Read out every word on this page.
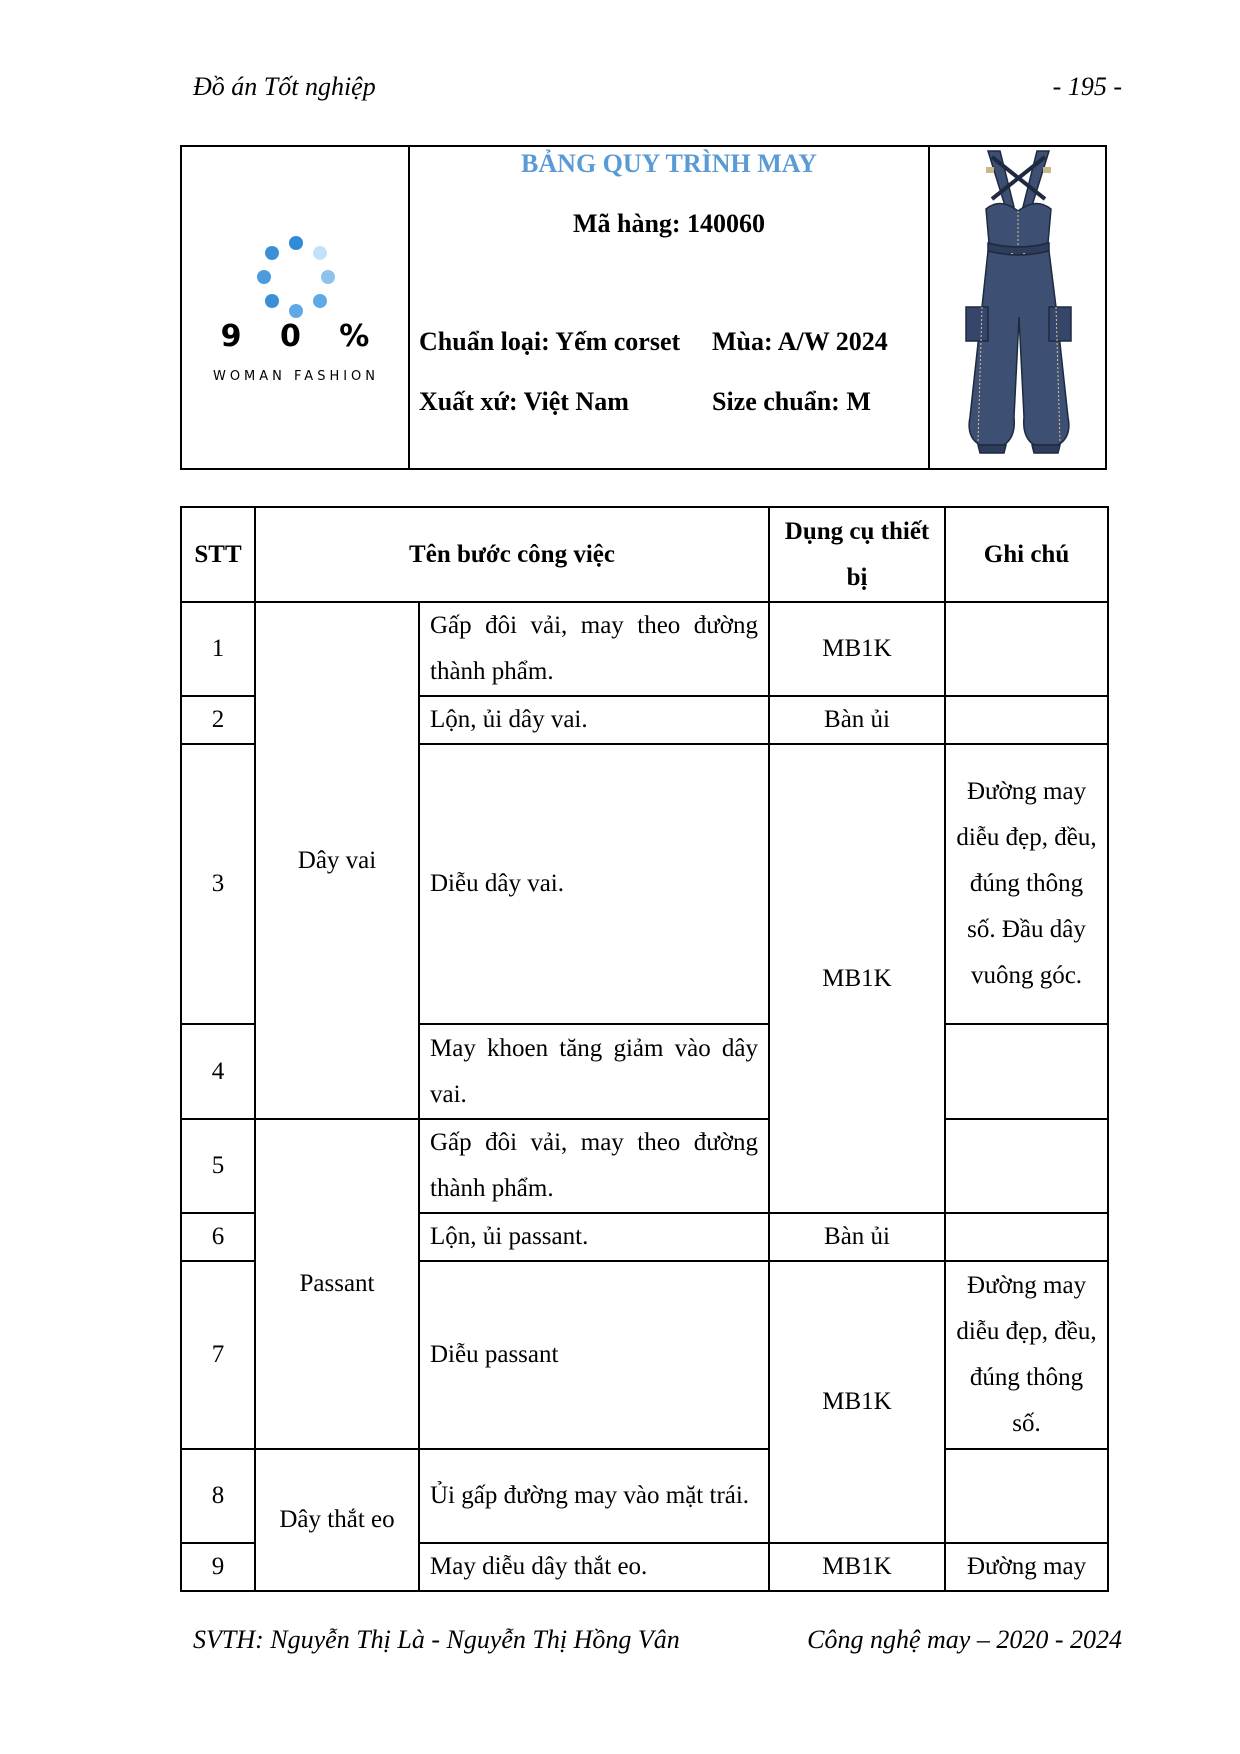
Đồ án Tốt nghiệp	- 195 -
9 0 %
WOMAN FASHION
BẢNG QUY TRÌNH MAY
Mã hàng: 140060
Chuẩn loại: Yếm corset Mùa: A/W 2024
Xuất xứ: Việt Nam	Size chuẩn: M
STT	Tên bước công việc		Dụng cụ thiết bị	Ghi chú
1	Dây vai	Gấp đôi vải, may theo đường thành phẩm.	MB1K	
2		Lộn, ủi dây vai.	Bàn ủi	
3		Diễu dây vai.	MB1K	Đường may diễu đẹp, đều, đúng thông số. Đầu dây vuông góc.
4		May khoen tăng giảm vào dây vai.		
5	Passant	Gấp đôi vải, may theo đường thành phẩm.		
6		Lộn, ủi passant.	Bàn ủi	
7		Diễu passant	MB1K	Đường may diễu đẹp, đều, đúng thông số.
8	Dây thắt eo	Ủi gấp đường may vào mặt trái.		
9		May diễu dây thắt eo.	MB1K	Đường may
SVTH: Nguyễn Thị Là - Nguyễn Thị Hồng Vân	Công nghệ may – 2020 - 2024
